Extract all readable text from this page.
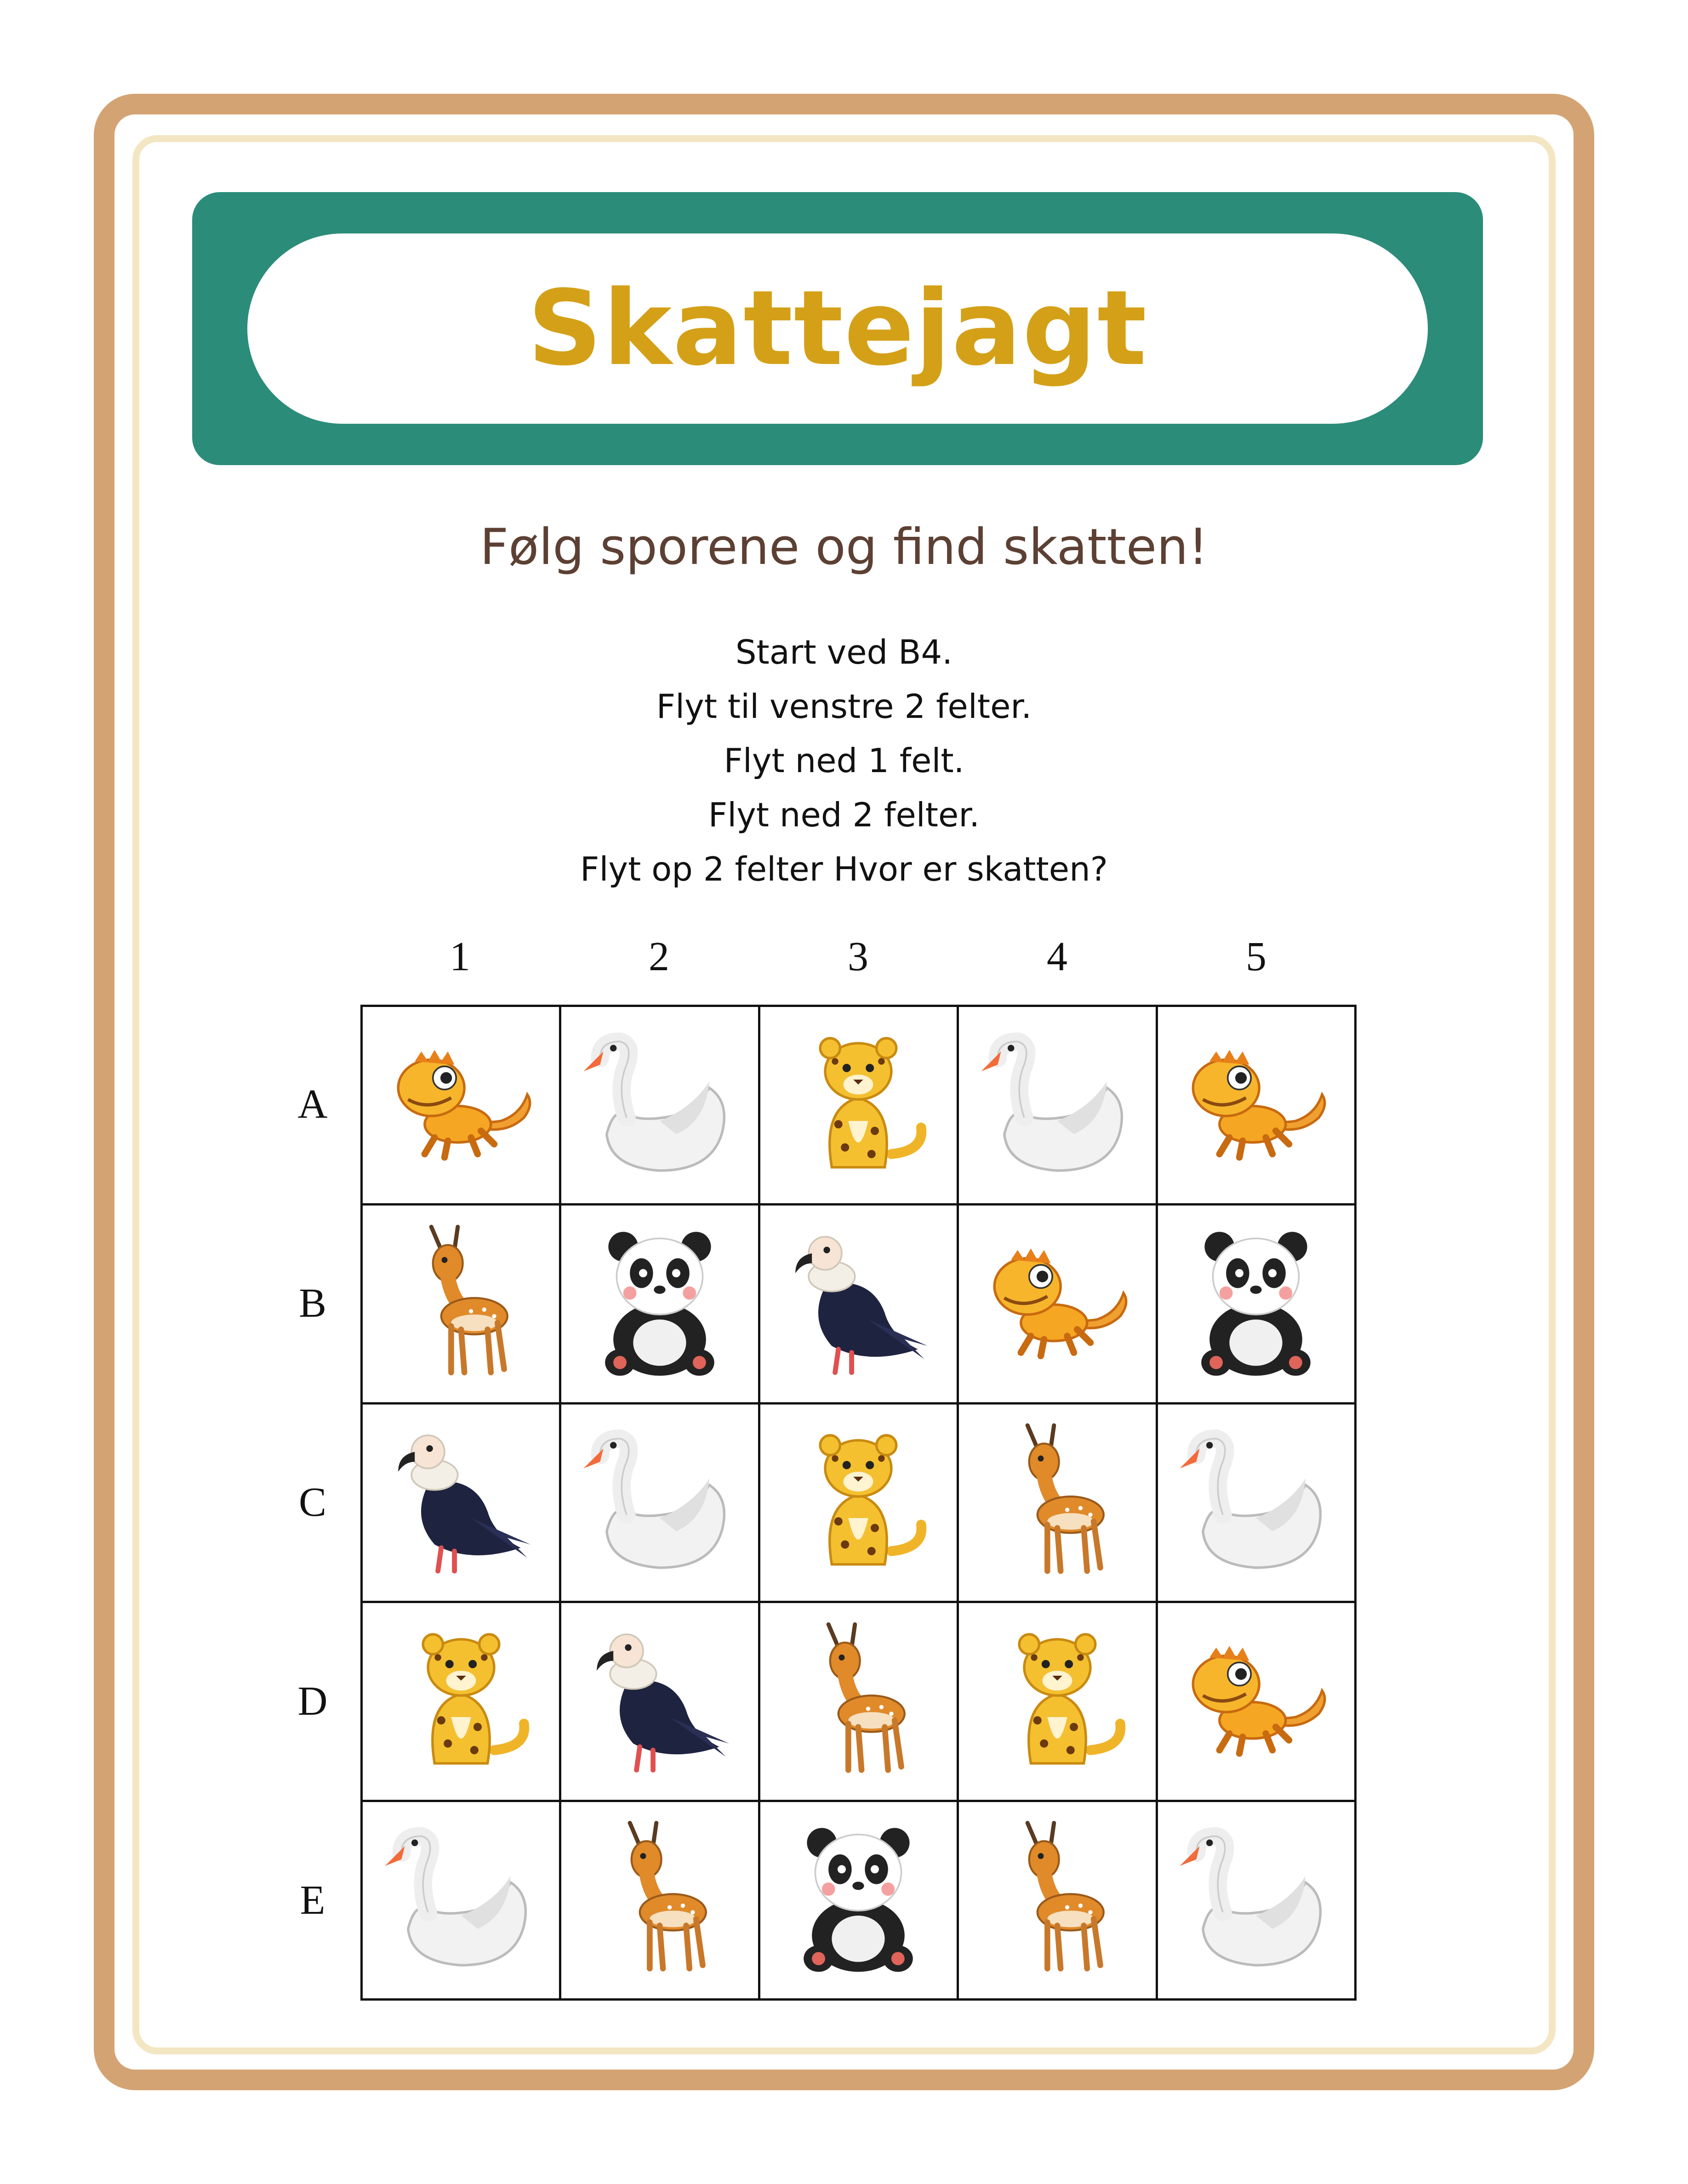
Skattejagt
Følg sporene og find skatten!
Start ved B4.
Flyt til venstre 2 felter.
Flyt ned 1 felt.
Flyt ned 2 felter.
Flyt op 2 felter Hvor er skatten?
1	2	3	4	5
A
B
C
D
E
